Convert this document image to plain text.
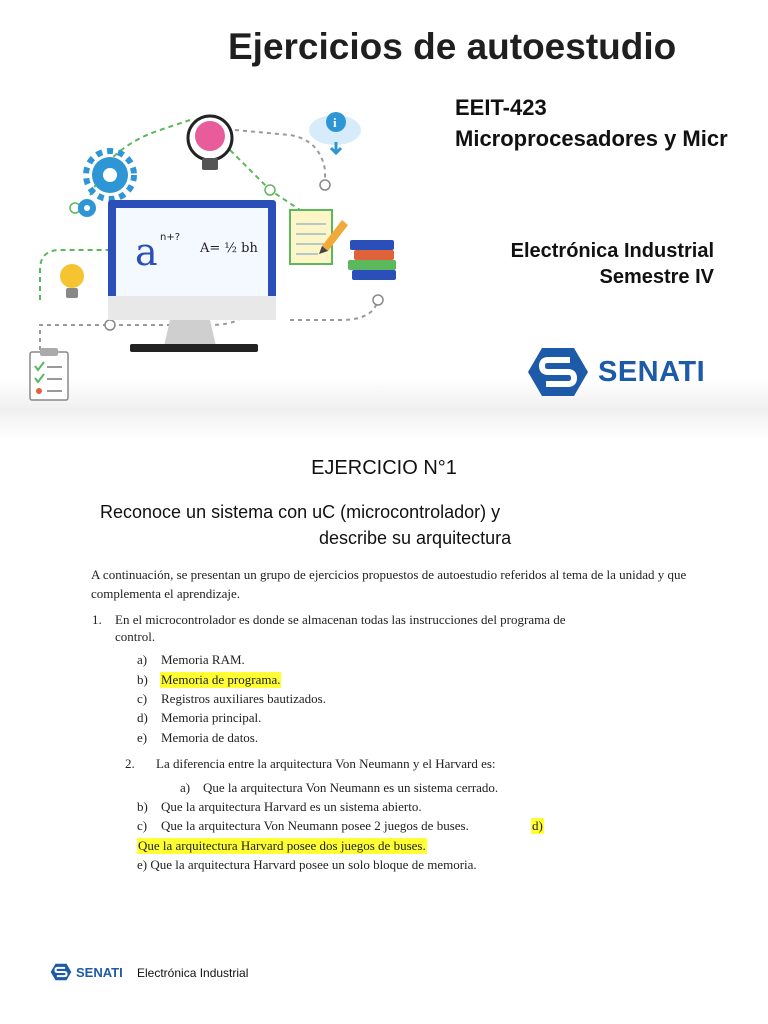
Ejercicios de autoestudio
EEIT-423
Microprocesadores y Micr
Electrónica Industrial
Semestre IV
i
a n+?
A= ½ bh
SENATI
EJERCICIO N°1
Reconoce un sistema con uC (microcontrolador) y
describe su arquitectura
A continuación, se presentan un grupo de ejercicios propuestos de autoestudio referidos al tema de la unidad y que complementa el aprendizaje.
1. En el microcontrolador es donde se almacenan todas las instrucciones del programa de
control.
a) Memoria RAM.
b) Memoria de programa.
c) Registros auxiliares bautizados.
d) Memoria principal.
e) Memoria de datos.
2. La diferencia entre la arquitectura Von Neumann y el Harvard es:
a) Que la arquitectura Von Neumann es un sistema cerrado.
b) Que la arquitectura Harvard es un sistema abierto.
c) Que la arquitectura Von Neumann posee 2 juegos de buses.	d)
Que la arquitectura Harvard posee dos juegos de buses.
e) Que la arquitectura Harvard posee un solo bloque de memoria.
SENATI Electrónica Industrial
